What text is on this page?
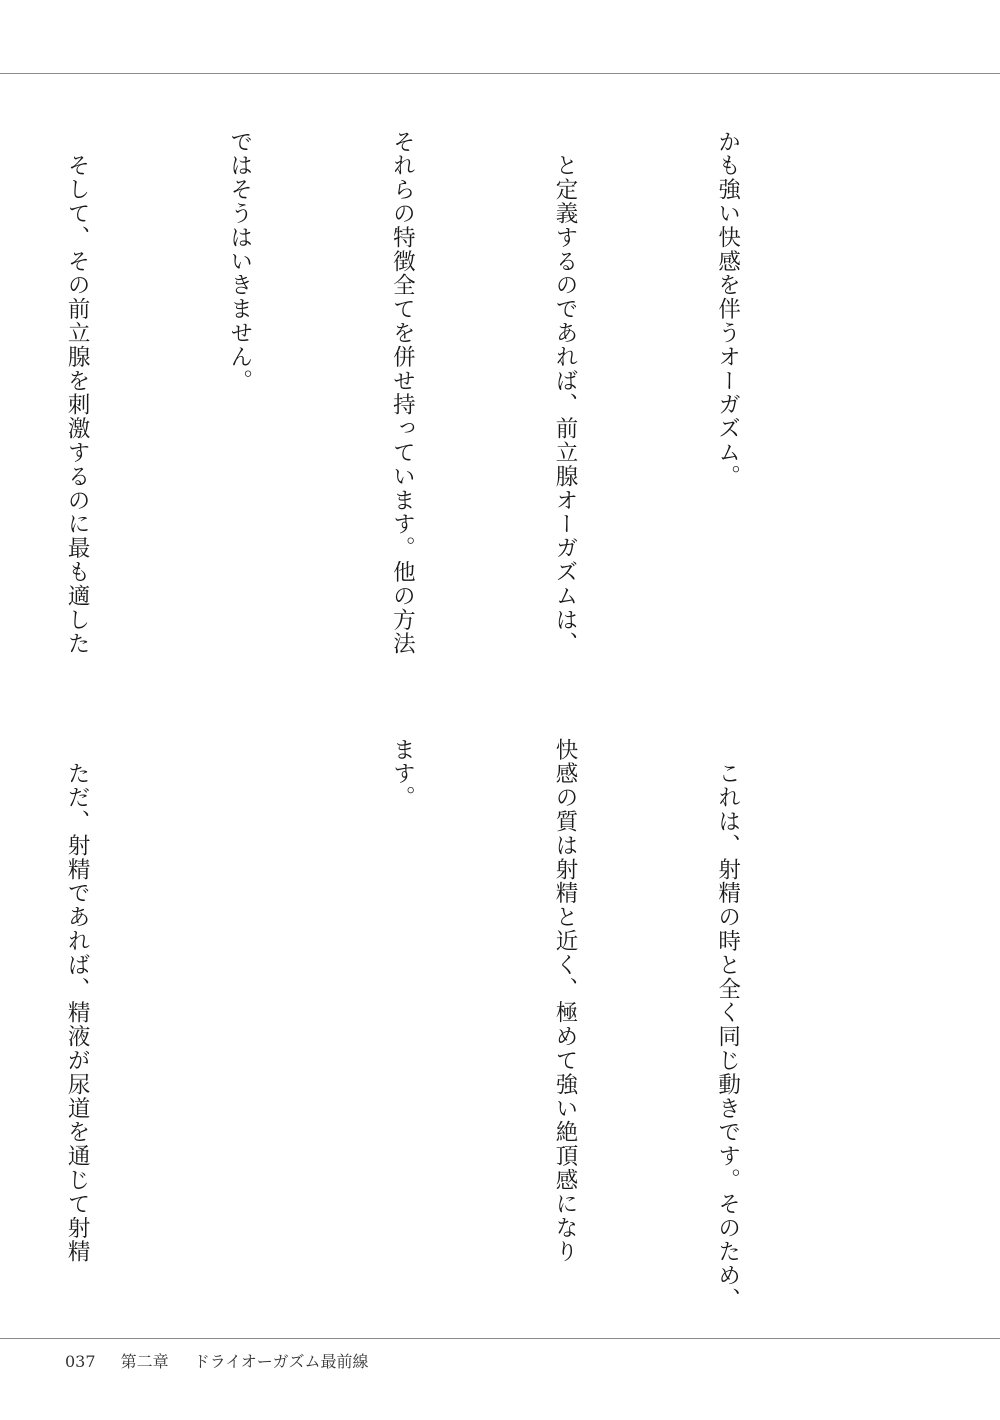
かも強い快感を伴うオーガズム。

　と定義するのであれば、前立腺オーガズムは、

それらの特徴全てを併せ持っています。他の方法

ではそうはいきません。

　そして、その前立腺を刺激するのに最も適した

　これは、射精の時と全く同じ動きです。そのため、

快感の質は射精と近く、極めて強い絶頂感になり

ます。

　ただ、射精であれば、精液が尿道を通じて射精

037 第二章 ドライオーガズム最前線
